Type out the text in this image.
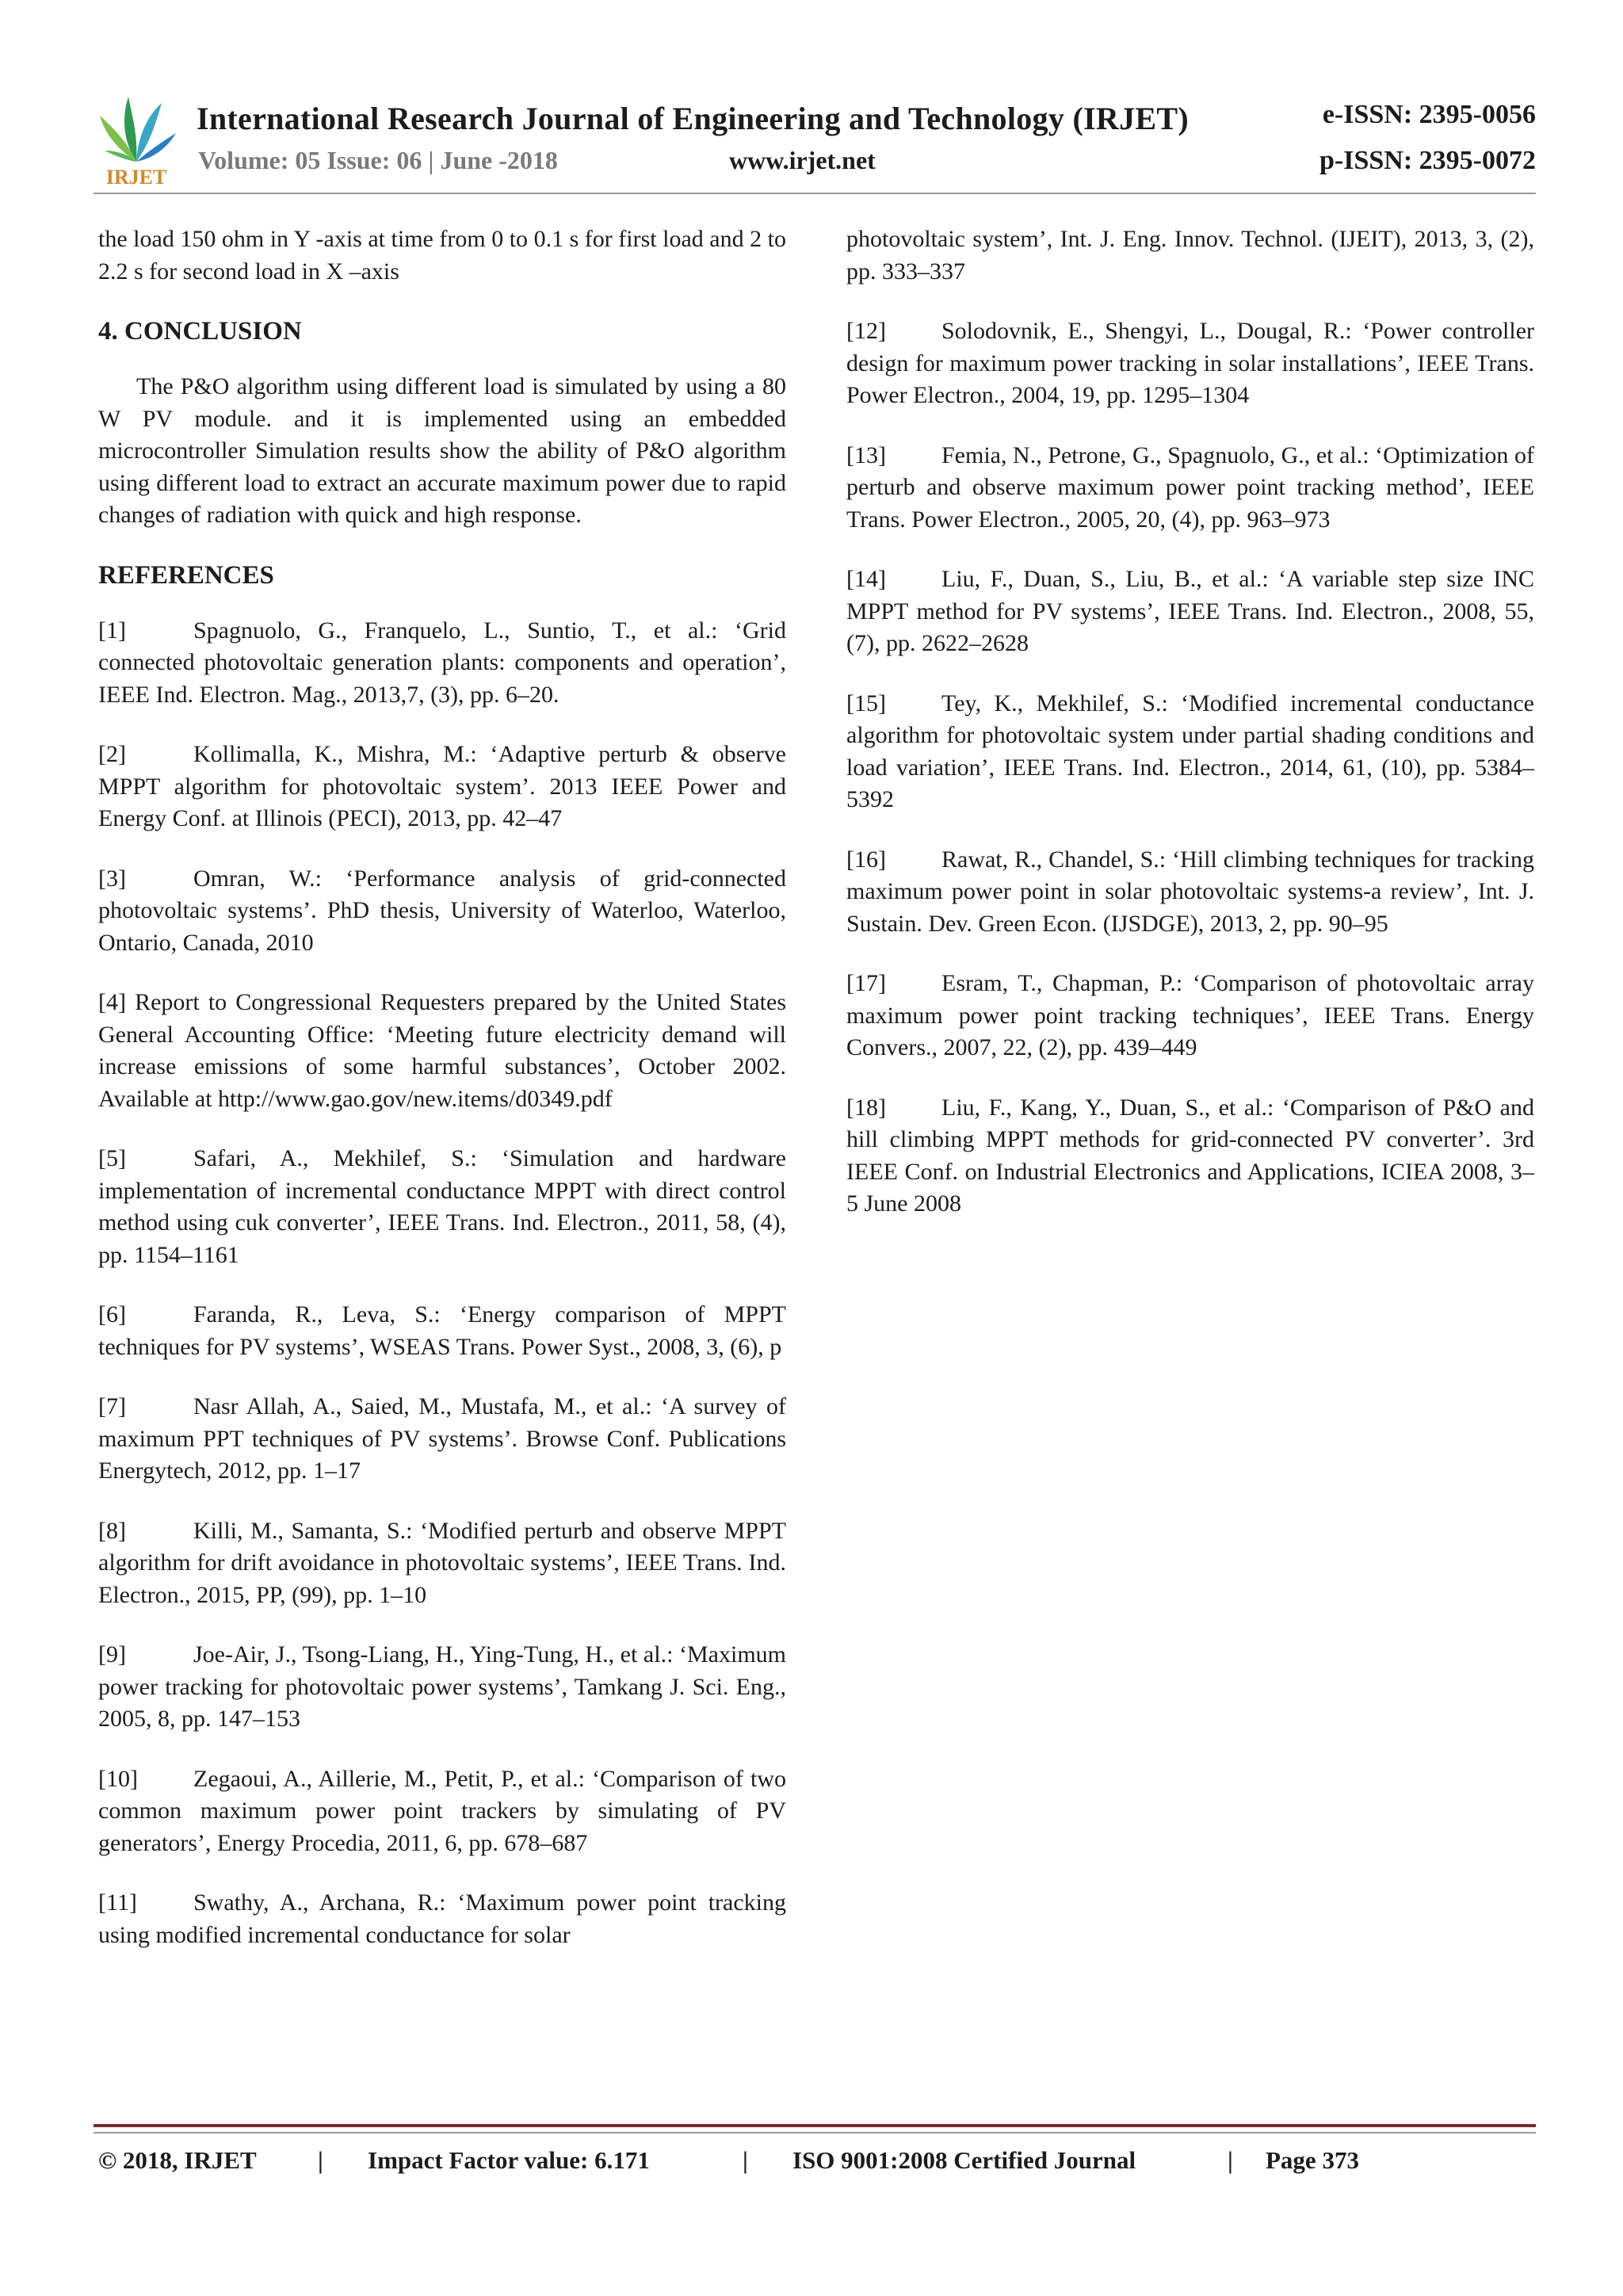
IRJET
International Research Journal of Engineering and Technology (IRJET)
Volume: 05 Issue: 06 | June -2018	www.irjet.net
e-ISSN: 2395-0056
p-ISSN: 2395-0072

the load 150 ohm in Y -axis at time from 0 to 0.1 s for first load and 2 to 2.2 s for second load in X –axis

4. CONCLUSION

The P&O algorithm using different load is simulated by using a 80 W PV module. and it is implemented using an embedded microcontroller Simulation results show the ability of P&O algorithm using different load to extract an accurate maximum power due to rapid changes of radiation with quick and high response.

REFERENCES

[1]	Spagnuolo, G., Franquelo, L., Suntio, T., et al.: ‘Grid connected photovoltaic generation plants: components and operation’, IEEE Ind. Electron. Mag., 2013,7, (3), pp. 6–20.

[2]	Kollimalla, K., Mishra, M.: ‘Adaptive perturb & observe MPPT algorithm for photovoltaic system’. 2013 IEEE Power and Energy Conf. at Illinois (PECI), 2013, pp. 42–47

[3]	Omran, W.: ‘Performance analysis of grid-connected photovoltaic systems’. PhD thesis, University of Waterloo, Waterloo, Ontario, Canada, 2010

[4] Report to Congressional Requesters prepared by the United States General Accounting Office: ‘Meeting future electricity demand will increase emissions of some harmful substances’, October 2002. Available at http://www.gao.gov/new.items/d0349.pdf

[5]	Safari, A., Mekhilef, S.: ‘Simulation and hardware implementation of incremental conductance MPPT with direct control method using cuk converter’, IEEE Trans. Ind. Electron., 2011, 58, (4), pp. 1154–1161

[6]	Faranda, R., Leva, S.: ‘Energy comparison of MPPT techniques for PV systems’, WSEAS Trans. Power Syst., 2008, 3, (6), p

[7]	Nasr Allah, A., Saied, M., Mustafa, M., et al.: ‘A survey of maximum PPT techniques of PV systems’. Browse Conf. Publications Energytech, 2012, pp. 1–17

[8]	Killi, M., Samanta, S.: ‘Modified perturb and observe MPPT algorithm for drift avoidance in photovoltaic systems’, IEEE Trans. Ind. Electron., 2015, PP, (99), pp. 1–10

[9]	Joe-Air, J., Tsong-Liang, H., Ying-Tung, H., et al.: ‘Maximum power tracking for photovoltaic power systems’, Tamkang J. Sci. Eng., 2005, 8, pp. 147–153

[10] Zegaoui, A., Aillerie, M., Petit, P., et al.: ‘Comparison of two common maximum power point trackers by simulating of PV generators’, Energy Procedia, 2011, 6, pp. 678–687

[11] Swathy, A., Archana, R.: ‘Maximum power point tracking using modified incremental conductance for solar

photovoltaic system’, Int. J. Eng. Innov. Technol. (IJEIT), 2013, 3, (2), pp. 333–337

[12] Solodovnik, E., Shengyi, L., Dougal, R.: ‘Power controller design for maximum power tracking in solar installations’, IEEE Trans. Power Electron., 2004, 19, pp. 1295–1304

[13] Femia, N., Petrone, G., Spagnuolo, G., et al.: ‘Optimization of perturb and observe maximum power point tracking method’, IEEE Trans. Power Electron., 2005, 20, (4), pp. 963–973

[14] Liu, F., Duan, S., Liu, B., et al.: ‘A variable step size INC MPPT method for PV systems’, IEEE Trans. Ind. Electron., 2008, 55, (7), pp. 2622–2628

[15] Tey, K., Mekhilef, S.: ‘Modified incremental conductance algorithm for photovoltaic system under partial shading conditions and load variation’, IEEE Trans. Ind. Electron., 2014, 61, (10), pp. 5384–5392

[16] Rawat, R., Chandel, S.: ‘Hill climbing techniques for tracking maximum power point in solar photovoltaic systems-a review’, Int. J. Sustain. Dev. Green Econ. (IJSDGE), 2013, 2, pp. 90–95

[17] Esram, T., Chapman, P.: ‘Comparison of photovoltaic array maximum power point tracking techniques’, IEEE Trans. Energy Convers., 2007, 22, (2), pp. 439–449

[18] Liu, F., Kang, Y., Duan, S., et al.: ‘Comparison of P&O and hill climbing MPPT methods for grid-connected PV converter’. 3rd IEEE Conf. on Industrial Electronics and Applications, ICIEA 2008, 3–5 June 2008

© 2018, IRJET | Impact Factor value: 6.171	| ISO 9001:2008 Certified Journal	| Page 373
